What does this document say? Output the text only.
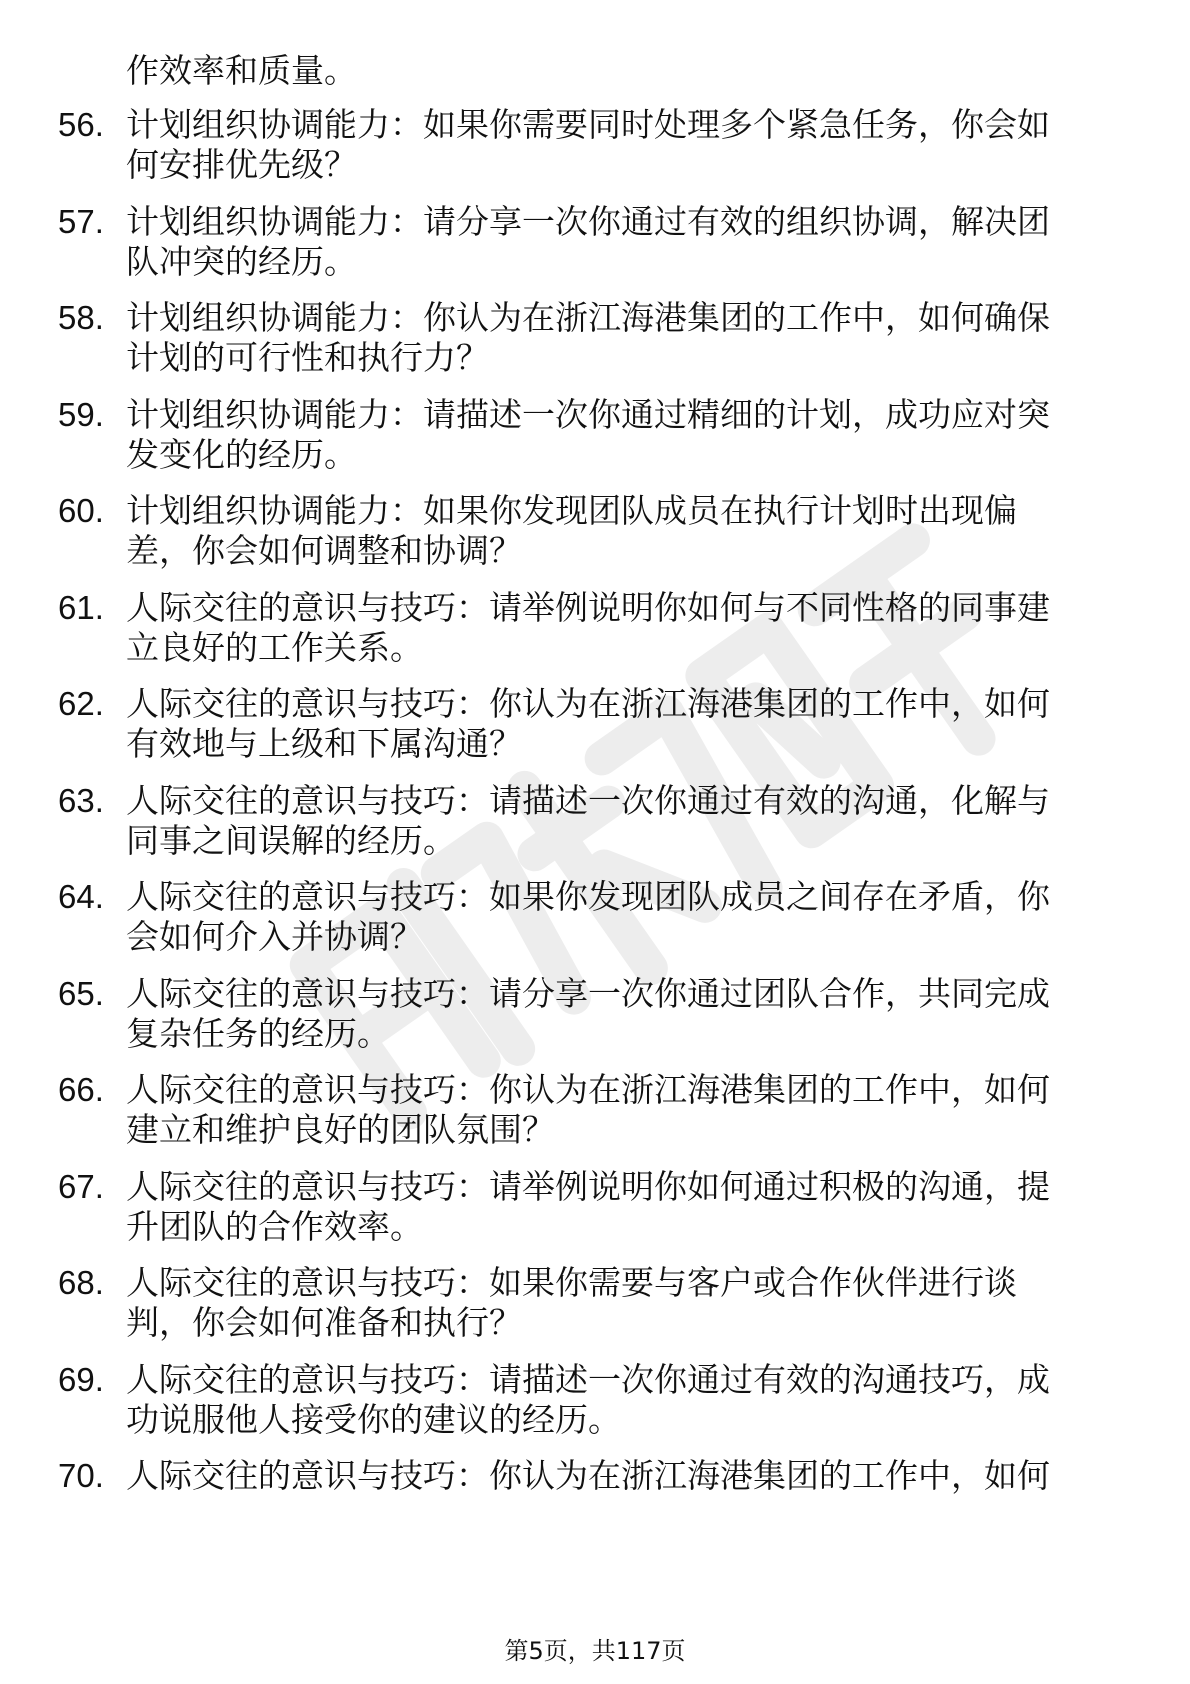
作效率和质量。
56. 计划组织协调能力：如果你需要同时处理多个紧急任务，你会如
何安排优先级？
57. 计划组织协调能力：请分享一次你通过有效的组织协调，解决团
队冲突的经历。
58. 计划组织协调能力：你认为在浙江海港集团的工作中，如何确保
计划的可行性和执行力？
59. 计划组织协调能力：请描述一次你通过精细的计划，成功应对突
发变化的经历。
60. 计划组织协调能力：如果你发现团队成员在执行计划时出现偏
差，你会如何调整和协调？
61. 人际交往的意识与技巧：请举例说明你如何与不同性格的同事建
立良好的工作关系。
62. 人际交往的意识与技巧：你认为在浙江海港集团的工作中，如何
有效地与上级和下属沟通？
63. 人际交往的意识与技巧：请描述一次你通过有效的沟通，化解与
同事之间误解的经历。
64. 人际交往的意识与技巧：如果你发现团队成员之间存在矛盾，你
会如何介入并协调？
65. 人际交往的意识与技巧：请分享一次你通过团队合作，共同完成
复杂任务的经历。
66. 人际交往的意识与技巧：你认为在浙江海港集团的工作中，如何
建立和维护良好的团队氛围？
67. 人际交往的意识与技巧：请举例说明你如何通过积极的沟通，提
升团队的合作效率。
68. 人际交往的意识与技巧：如果你需要与客户或合作伙伴进行谈
判，你会如何准备和执行？
69. 人际交往的意识与技巧：请描述一次你通过有效的沟通技巧，成
功说服他人接受你的建议的经历。
70. 人际交往的意识与技巧：你认为在浙江海港集团的工作中，如何
第5页，共117页
